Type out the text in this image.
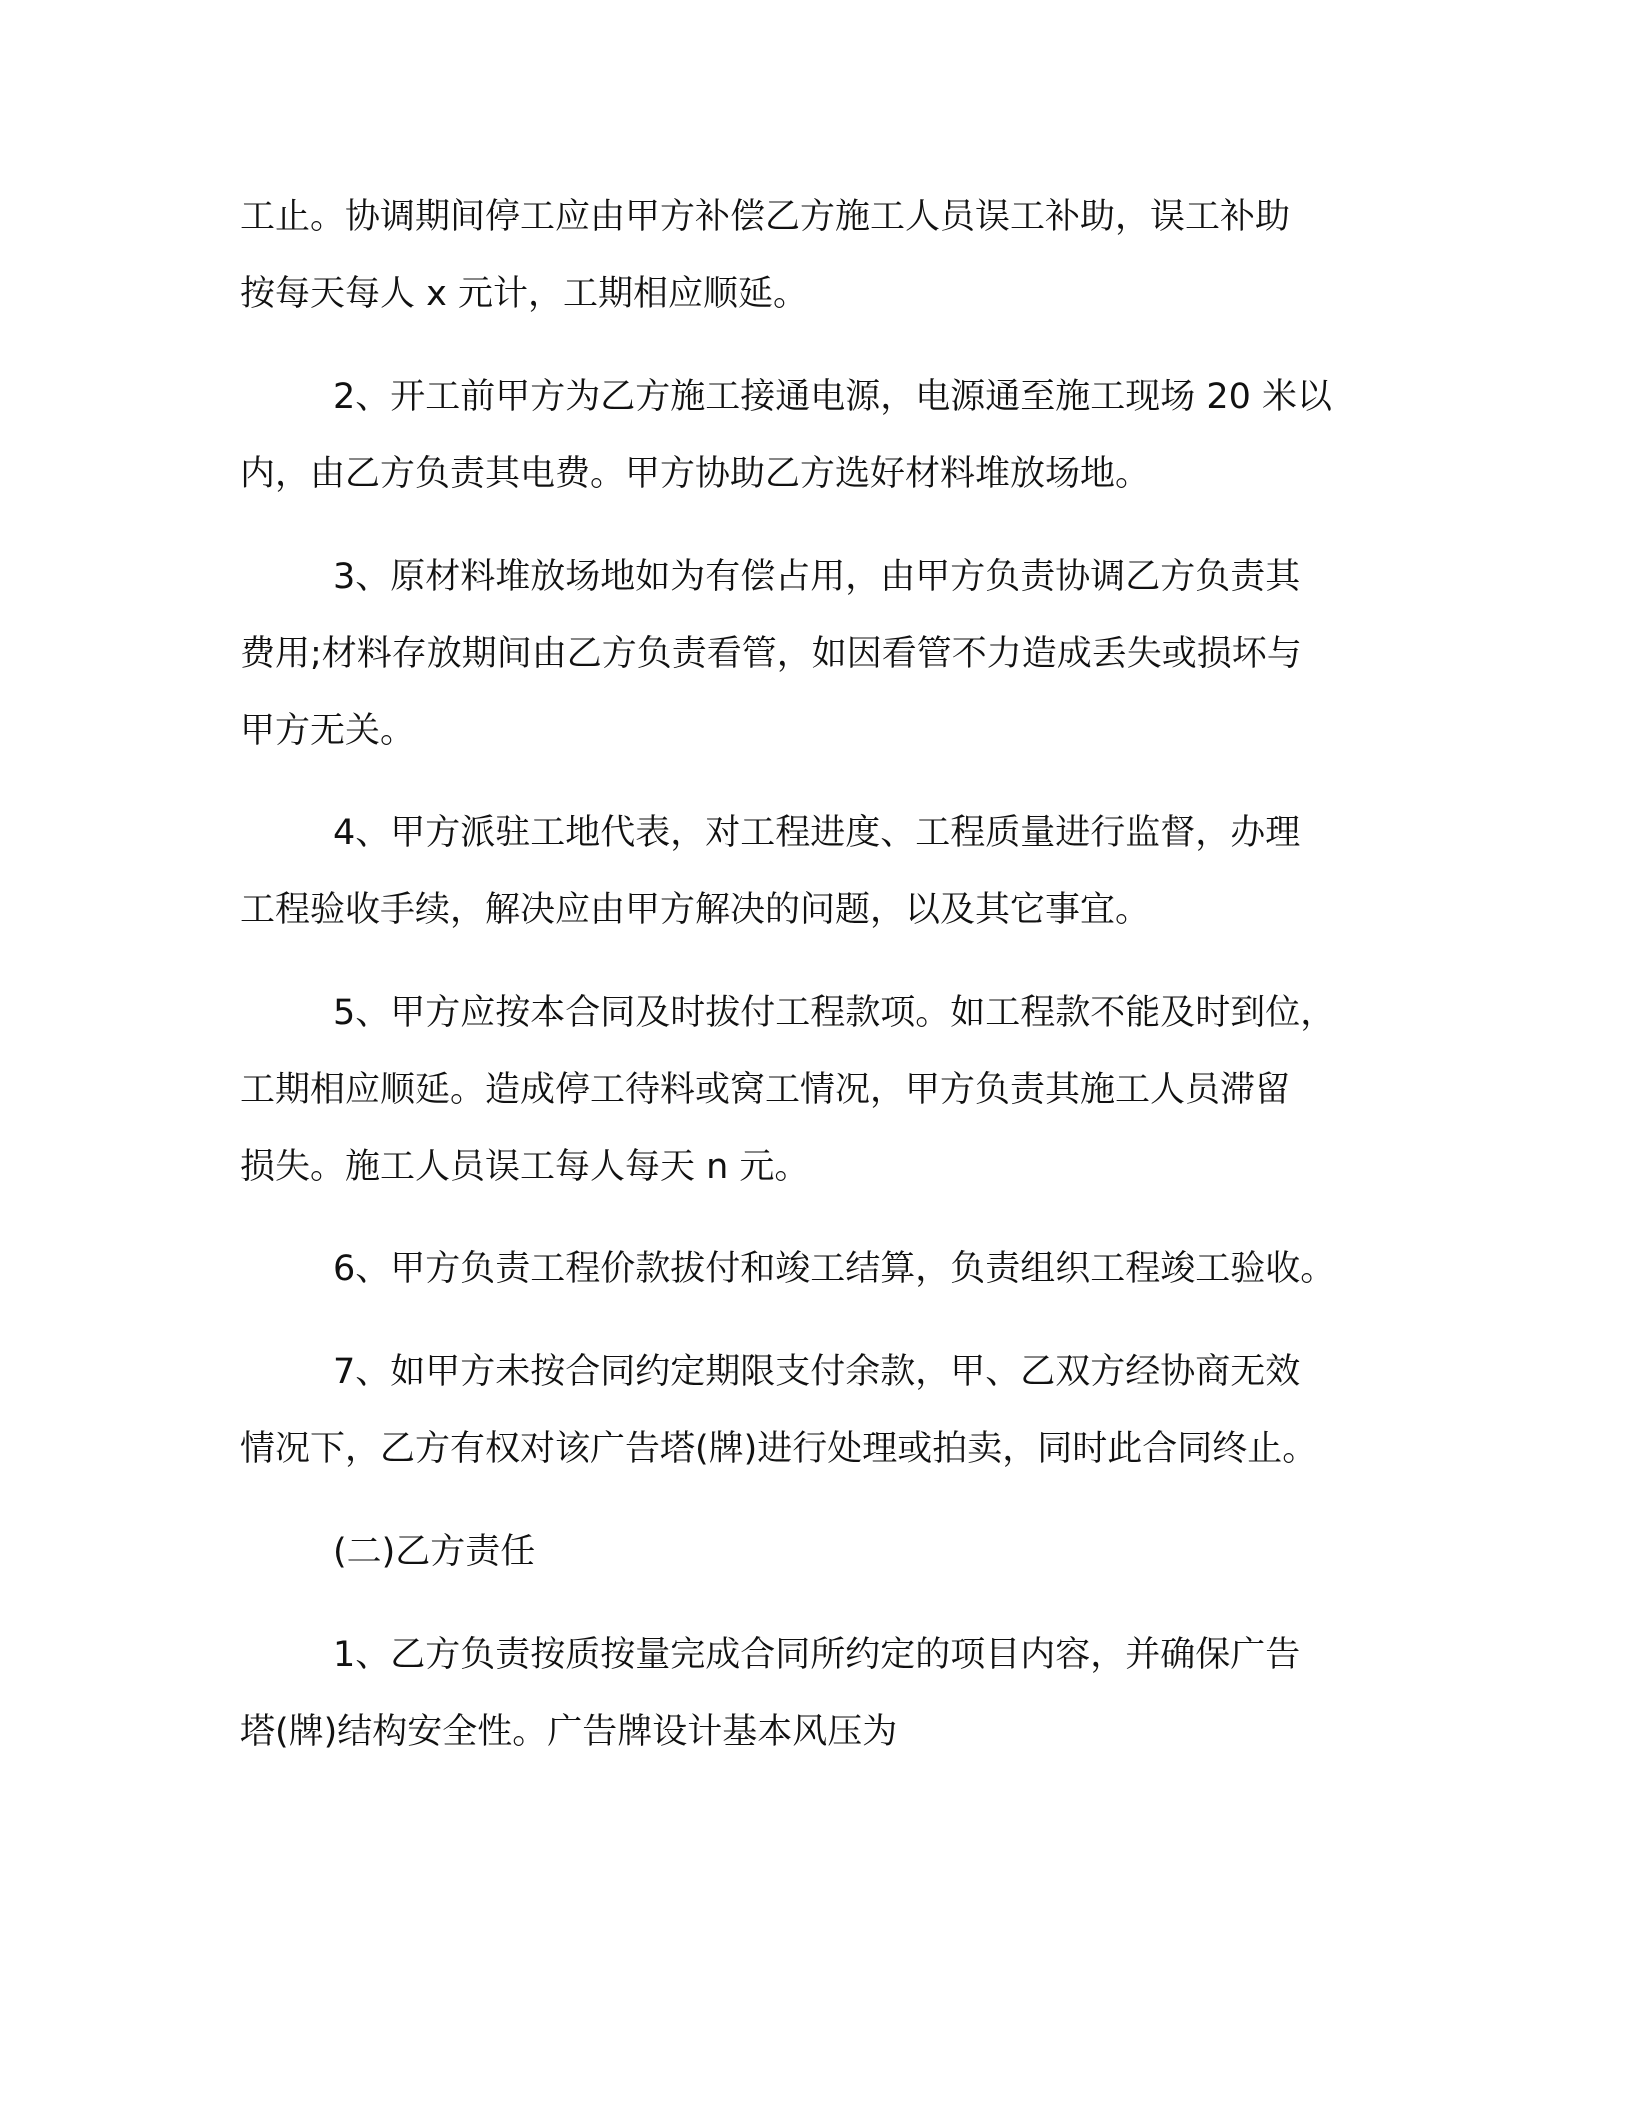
工止。协调期间停工应由甲方补偿乙方施工人员误工补助，误工补助
按每天每人 x 元计，工期相应顺延。

2、开工前甲方为乙方施工接通电源，电源通至施工现场 20 米以
内，由乙方负责其电费。甲方协助乙方选好材料堆放场地。

3、原材料堆放场地如为有偿占用，由甲方负责协调乙方负责其
费用;材料存放期间由乙方负责看管，如因看管不力造成丢失或损坏与
甲方无关。

4、甲方派驻工地代表，对工程进度、工程质量进行监督，办理
工程验收手续，解决应由甲方解决的问题，以及其它事宜。

5、甲方应按本合同及时拔付工程款项。如工程款不能及时到位，
工期相应顺延。造成停工待料或窝工情况，甲方负责其施工人员滞留
损失。施工人员误工每人每天 n 元。

6、甲方负责工程价款拔付和竣工结算，负责组织工程竣工验收。

7、如甲方未按合同约定期限支付余款，甲、乙双方经协商无效
情况下，乙方有权对该广告塔(牌)进行处理或拍卖，同时此合同终止。

(二)乙方责任

1、乙方负责按质按量完成合同所约定的项目内容，并确保广告
塔(牌)结构安全性。广告牌设计基本风压为
